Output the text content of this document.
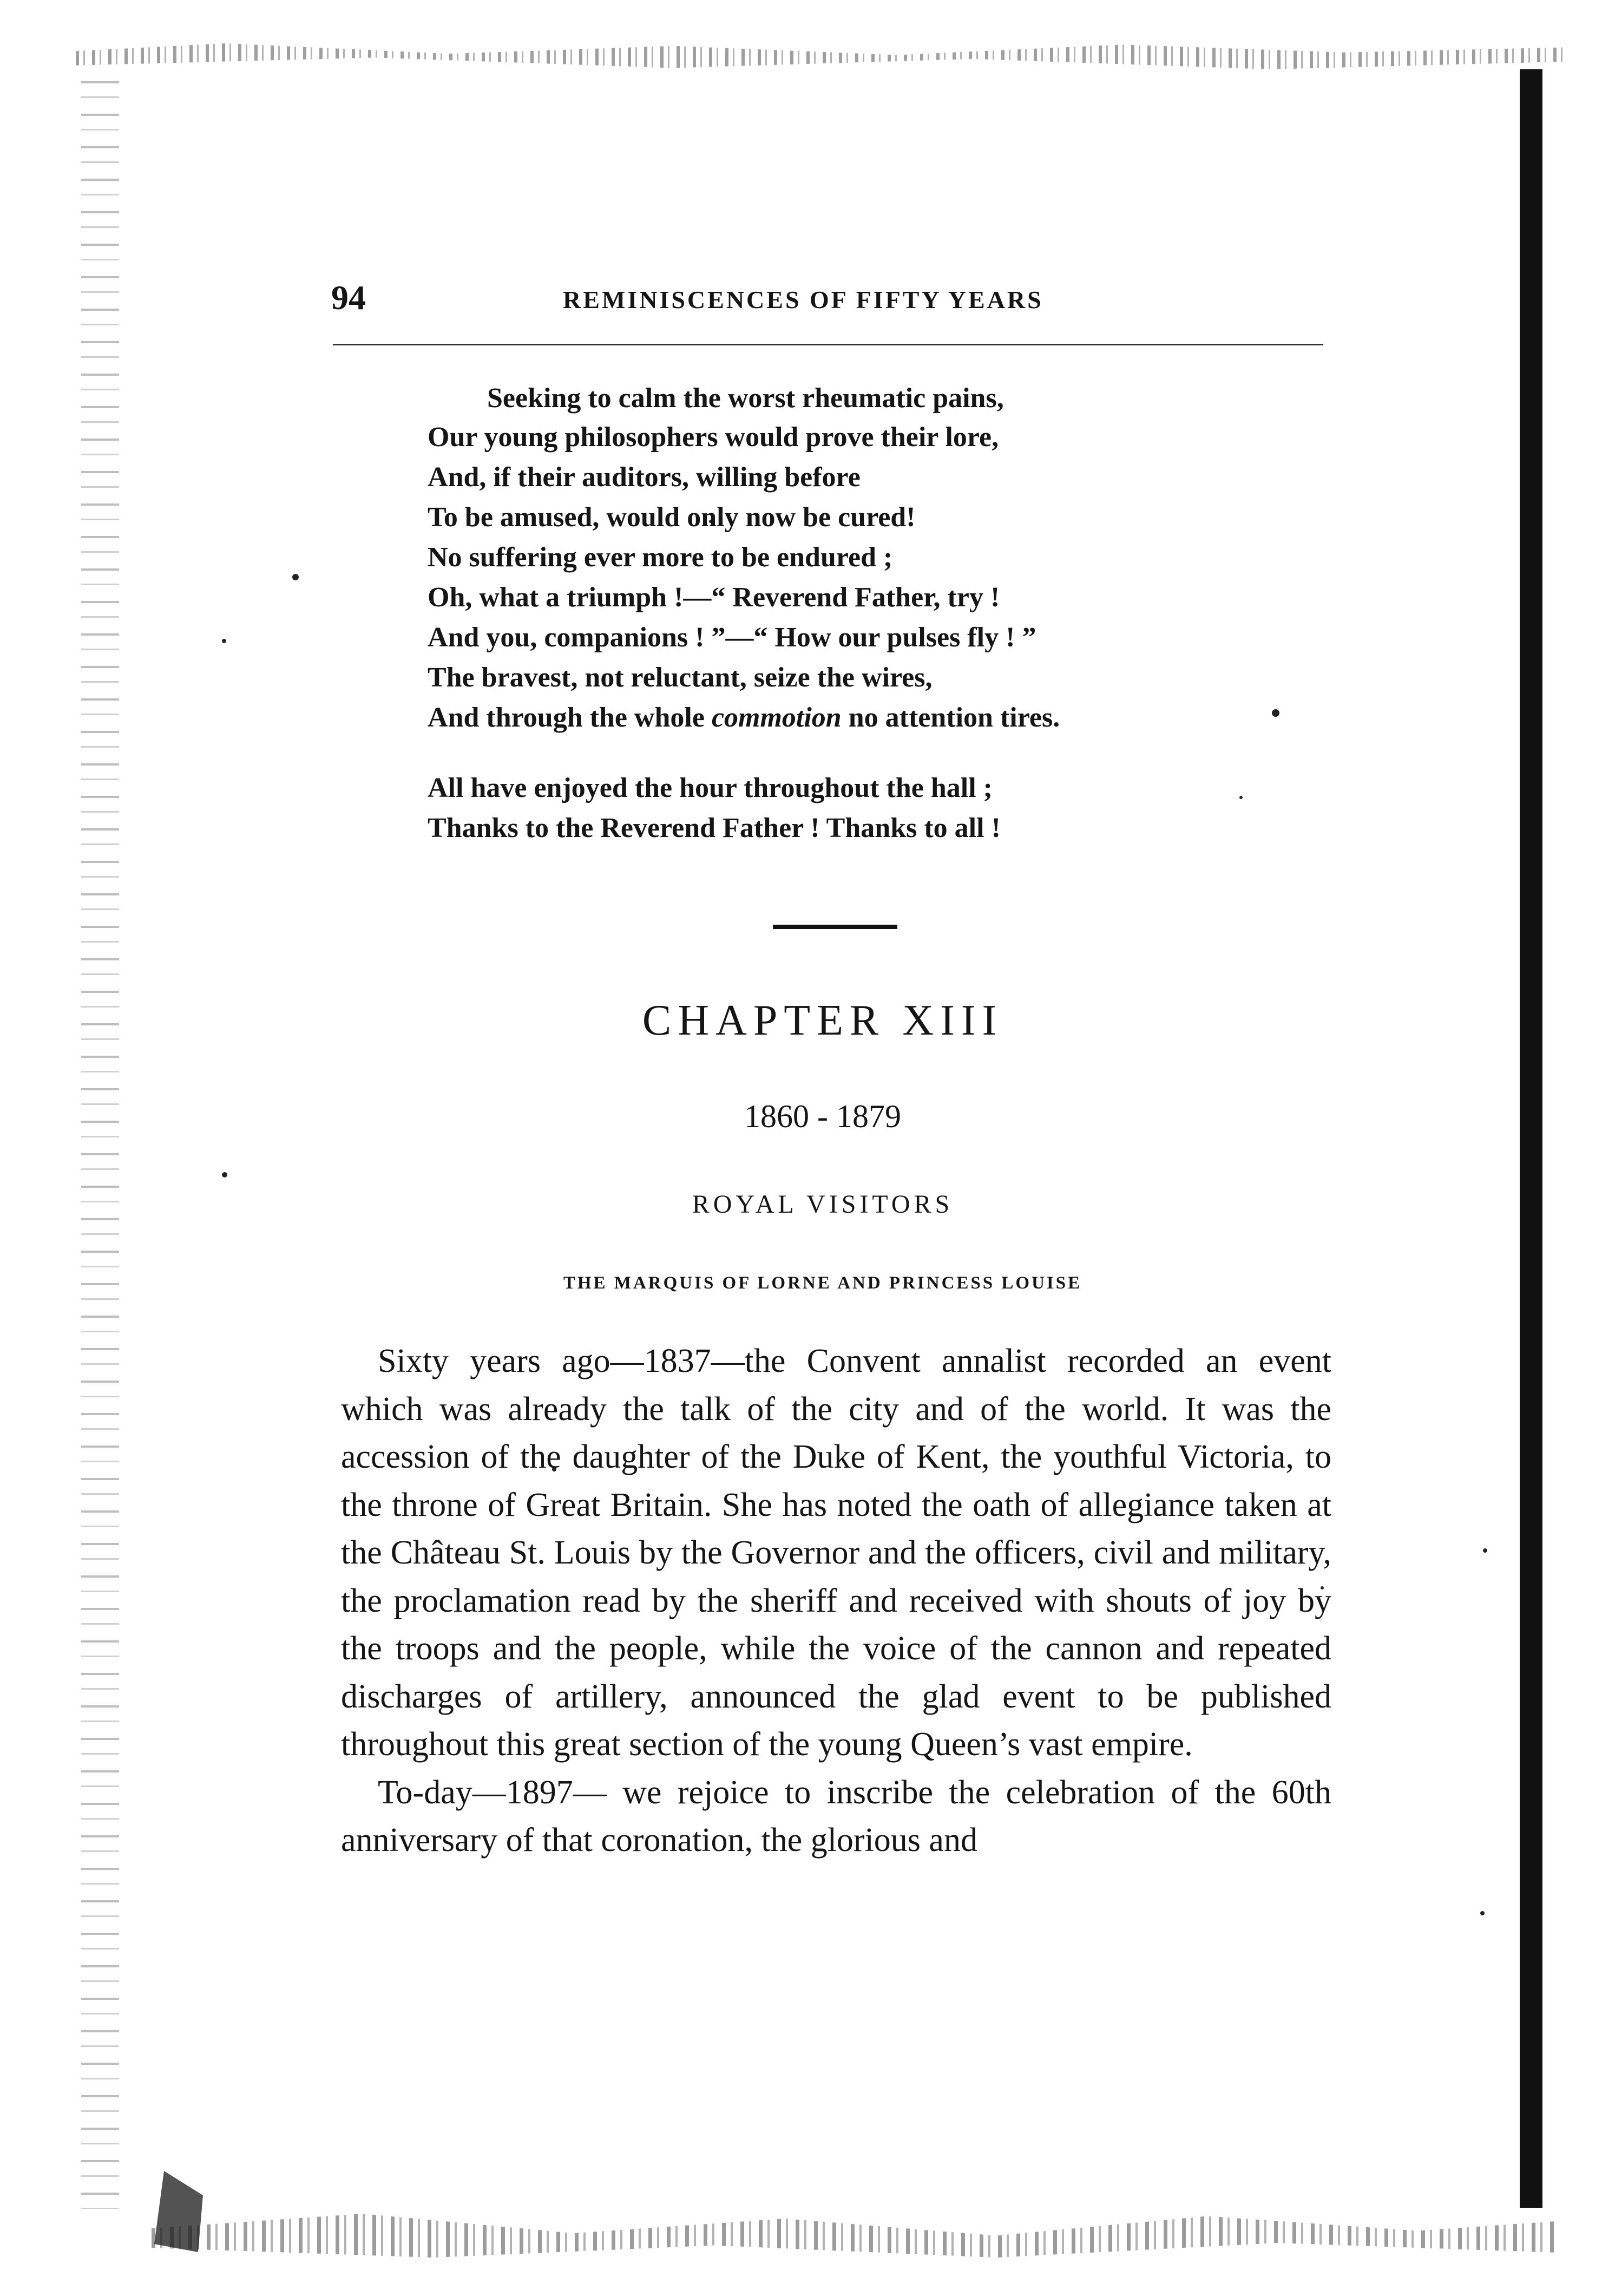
94	REMINISCENCES OF FIFTY YEARS
Seeking to calm the worst rheumatic pains,
Our young philosophers would prove their lore,
And, if their auditors, willing before
To be amused, would only now be cured!
No suffering ever more to be endured ;
Oh, what a triumph !—“ Reverend Father, try !
And you, companions ! ”—“ How our pulses fly ! ”
The bravest, not reluctant, seize the wires,
And through the whole commotion no attention tires.
All have enjoyed the hour throughout the hall ;
Thanks to the Reverend Father ! Thanks to all !
CHAPTER XIII
1860 - 1879
ROYAL VISITORS
THE MARQUIS OF LORNE AND PRINCESS LOUISE

Sixty years ago—1837—the Convent annalist recorded an event which was already the talk of the city and of the world. It was the accession of the daughter of the Duke of Kent, the youthful Victoria, to the throne of Great Britain. She has noted the oath of allegiance taken at the Château St. Louis by the Governor and the officers, civil and military, the proclamation read by the sheriff and received with shouts of joy by the troops and the people, while the voice of the cannon and repeated discharges of artillery, announced the glad event to be published throughout this great section of the young Queen’s vast empire.

To-day—1897— we rejoice to inscribe the celebration of the 60th anniversary of that coronation, the glorious and
